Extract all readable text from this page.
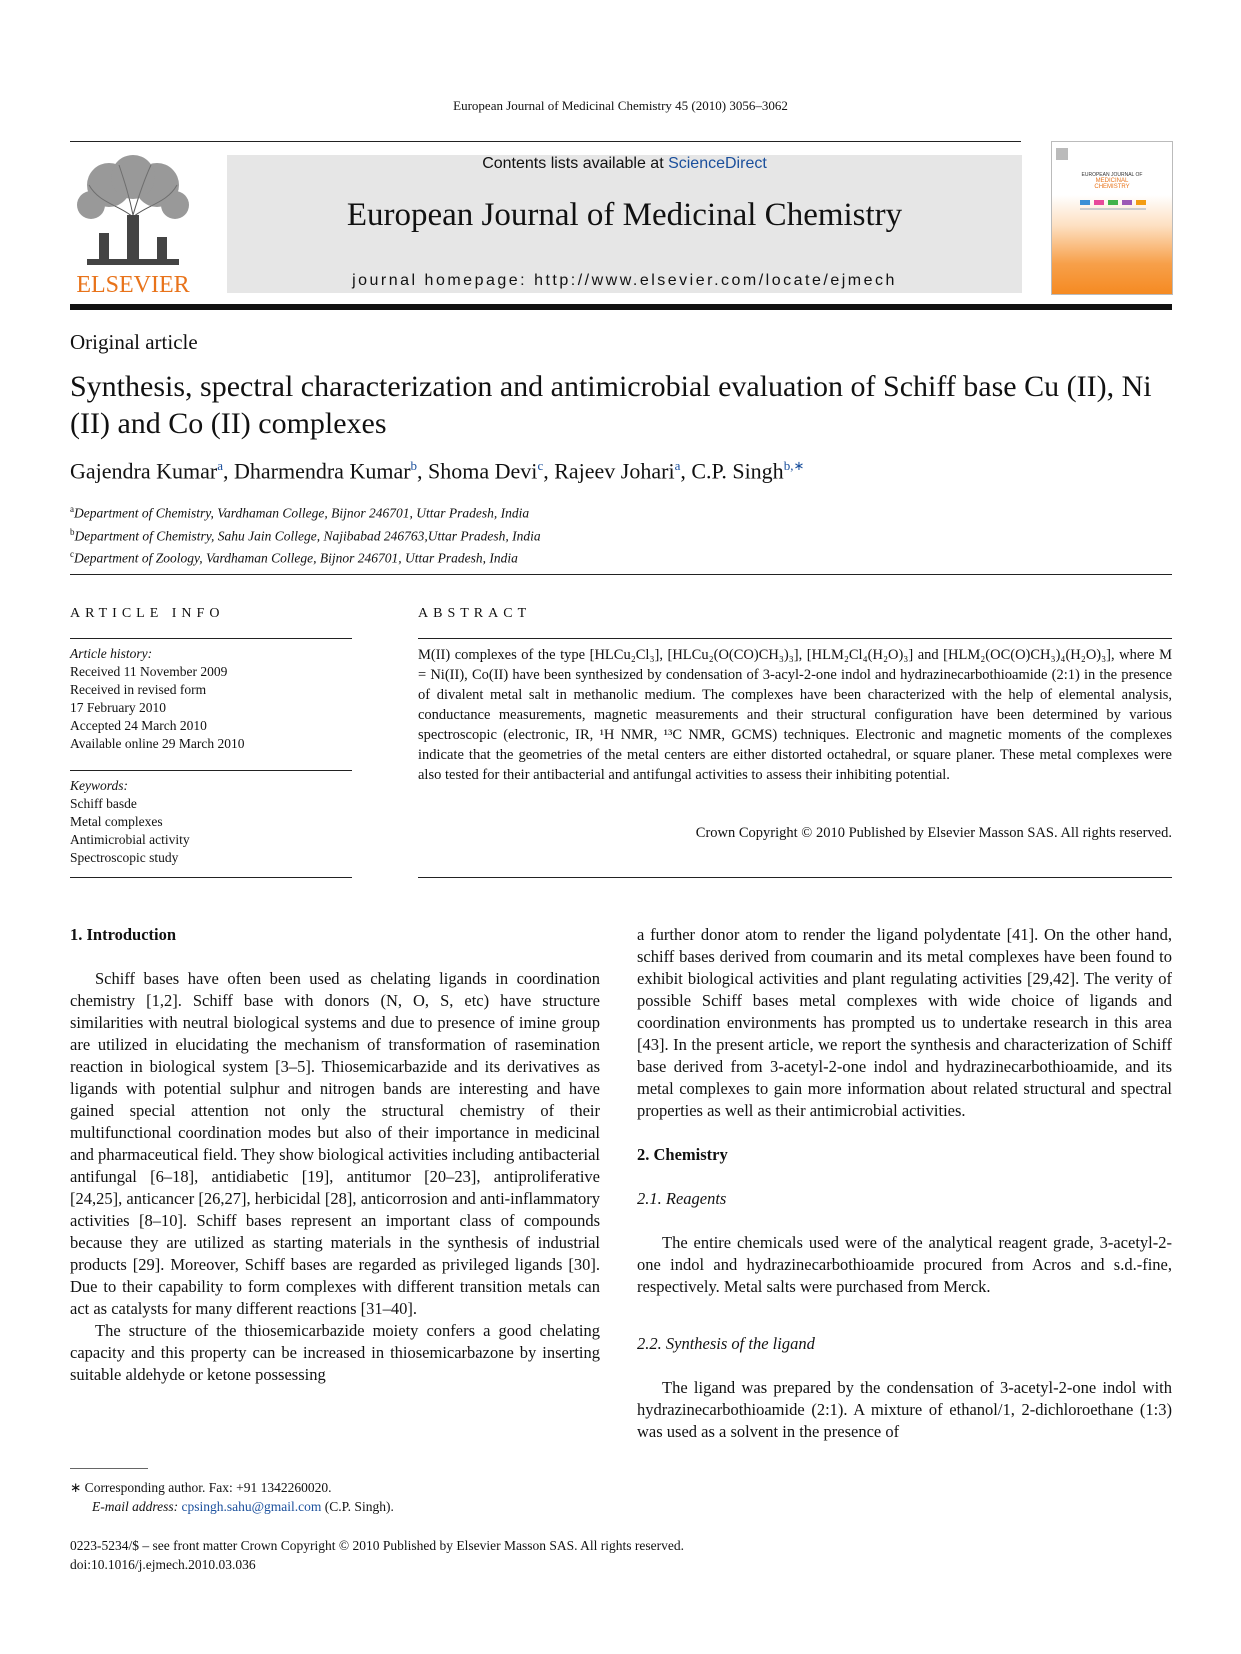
European Journal of Medicinal Chemistry 45 (2010) 3056–3062
ELSEVIER
Contents lists available at ScienceDirect
European Journal of Medicinal Chemistry
journal homepage: http://www.elsevier.com/locate/ejmech
EUROPEAN JOURNAL OF
MEDICINAL
CHEMISTRY
Original article
Synthesis, spectral characterization and antimicrobial evaluation of Schiff base Cu (II), Ni (II) and Co (II) complexes
Gajendra Kumar$^a$, Dharmendra Kumar$^b$, Shoma Devi$^c$, Rajeev Johari$^a$, C.P. Singh$^{b,∗}$
$^a$Department of Chemistry, Vardhaman College, Bijnor 246701, Uttar Pradesh, India
$^b$Department of Chemistry, Sahu Jain College, Najibabad 246763,Uttar Pradesh, India
$^c$Department of Zoology, Vardhaman College, Bijnor 246701, Uttar Pradesh, India
ARTICLE INFO
Article history:
Received 11 November 2009
Received in revised form
17 February 2010
Accepted 24 March 2010
Available online 29 March 2010
Keywords:
Schiff basde
Metal complexes
Antimicrobial activity
Spectroscopic study
ABSTRACT
M(II) complexes of the type [HLCu₂Cl₃], [HLCu₂(O(CO)CH₃)₃], [HLM₂Cl₄(H₂O)₃] and [HLM₂(OC(O)CH₃)₄(H₂O)₃], where M = Ni(II), Co(II) have been synthesized by condensation of 3-acyl-2-one indol and hydrazinecarbothioamide (2:1) in the presence of divalent metal salt in methanolic medium. The complexes have been characterized with the help of elemental analysis, conductance measurements, magnetic measurements and their structural configuration have been determined by various spectroscopic (electronic, IR, ¹H NMR, ¹³C NMR, GCMS) techniques. Electronic and magnetic moments of the complexes indicate that the geometries of the metal centers are either distorted octahedral, or square planer. These metal complexes were also tested for their antibacterial and antifungal activities to assess their inhibiting potential.
Crown Copyright © 2010 Published by Elsevier Masson SAS. All rights reserved.
1. Introduction

Schiff bases have often been used as chelating ligands in coordination chemistry [1,2]. Schiff base with donors (N, O, S, etc) have structure similarities with neutral biological systems and due to presence of imine group are utilized in elucidating the mechanism of transformation of rasemination reaction in biological system [3–5]. Thiosemicarbazide and its derivatives as ligands with potential sulphur and nitrogen bands are interesting and have gained special attention not only the structural chemistry of their multifunctional coordination modes but also of their importance in medicinal and pharmaceutical field. They show biological activities including antibacterial antifungal [6–18], antidiabetic [19], antitumor [20–23], antiproliferative [24,25], anticancer [26,27], herbicidal [28], anticorrosion and anti-inflammatory activities [8–10]. Schiff bases represent an important class of compounds because they are utilized as starting materials in the synthesis of industrial products [29]. Moreover, Schiff bases are regarded as privileged ligands [30]. Due to their capability to form complexes with different transition metals can act as catalysts for many different reactions [31–40].

The structure of the thiosemicarbazide moiety confers a good chelating capacity and this property can be increased in thiosemicarbazone by inserting suitable aldehyde or ketone possessing

a further donor atom to render the ligand polydentate [41]. On the other hand, schiff bases derived from coumarin and its metal complexes have been found to exhibit biological activities and plant regulating activities [29,42]. The verity of possible Schiff bases metal complexes with wide choice of ligands and coordination environments has prompted us to undertake research in this area [43]. In the present article, we report the synthesis and characterization of Schiff base derived from 3-acetyl-2-one indol and hydrazinecarbothioamide, and its metal complexes to gain more information about related structural and spectral properties as well as their antimicrobial activities.
2. Chemistry
2.1. Reagents

The entire chemicals used were of the analytical reagent grade, 3-acetyl-2-one indol and hydrazinecarbothioamide procured from Acros and s.d.-fine, respectively. Metal salts were purchased from Merck.

2.2. Synthesis of the ligand

The ligand was prepared by the condensation of 3-acetyl-2-one indol with hydrazinecarbothioamide (2:1). A mixture of ethanol/1, 2-dichloroethane (1:3) was used as a solvent in the presence of

∗ Corresponding author. Fax: +91 1342260020.
E-mail address: cpsingh.sahu@gmail.com (C.P. Singh).
0223-5234/$ – see front matter Crown Copyright © 2010 Published by Elsevier Masson SAS. All rights reserved.
doi:10.1016/j.ejmech.2010.03.036
